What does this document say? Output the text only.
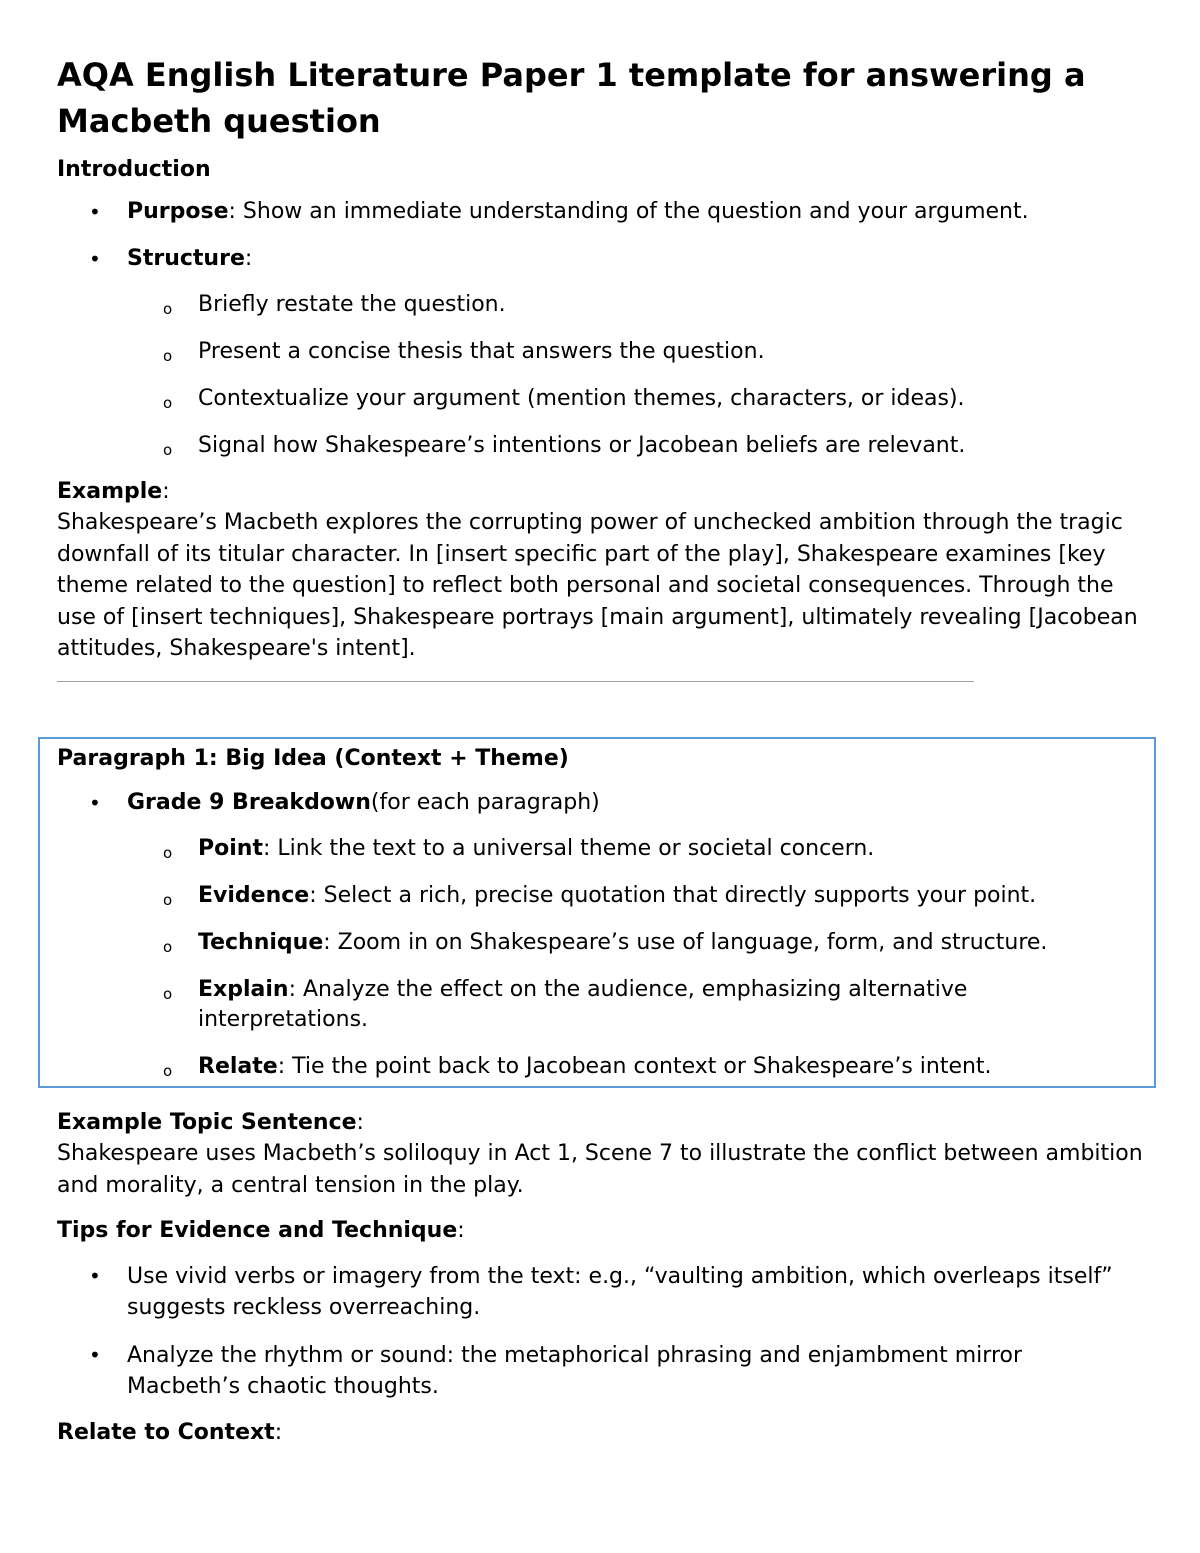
AQA English Literature Paper 1 template for answering a Macbeth question
Introduction
• Purpose: Show an immediate understanding of the question and your argument.
• Structure:
o Briefly restate the question.
o Present a concise thesis that answers the question.
o Contextualize your argument (mention themes, characters, or ideas).
o Signal how Shakespeare’s intentions or Jacobean beliefs are relevant.
Example:

Shakespeare’s Macbeth explores the corrupting power of unchecked ambition through the tragic downfall of its titular character. In [insert specific part of the play], Shakespeare examines [key theme related to the question] to reflect both personal and societal consequences. Through the use of [insert techniques], Shakespeare portrays [main argument], ultimately revealing [Jacobean attitudes, Shakespeare's intent].

Paragraph 1: Big Idea (Context + Theme)
• Grade 9 Breakdown(for each paragraph)
o Point: Link the text to a universal theme or societal concern.
o Evidence: Select a rich, precise quotation that directly supports your point.
o Technique: Zoom in on Shakespeare’s use of language, form, and structure.
o Explain: Analyze the effect on the audience, emphasizing alternative interpretations.
o Relate: Tie the point back to Jacobean context or Shakespeare’s intent.
Example Topic Sentence:

Shakespeare uses Macbeth’s soliloquy in Act 1, Scene 7 to illustrate the conflict between ambition and morality, a central tension in the play.

Tips for Evidence and Technique:
• Use vivid verbs or imagery from the text: e.g., “vaulting ambition, which overleaps itself” suggests reckless overreaching.
• Analyze the rhythm or sound: the metaphorical phrasing and enjambment mirror Macbeth’s chaotic thoughts.
Relate to Context:
